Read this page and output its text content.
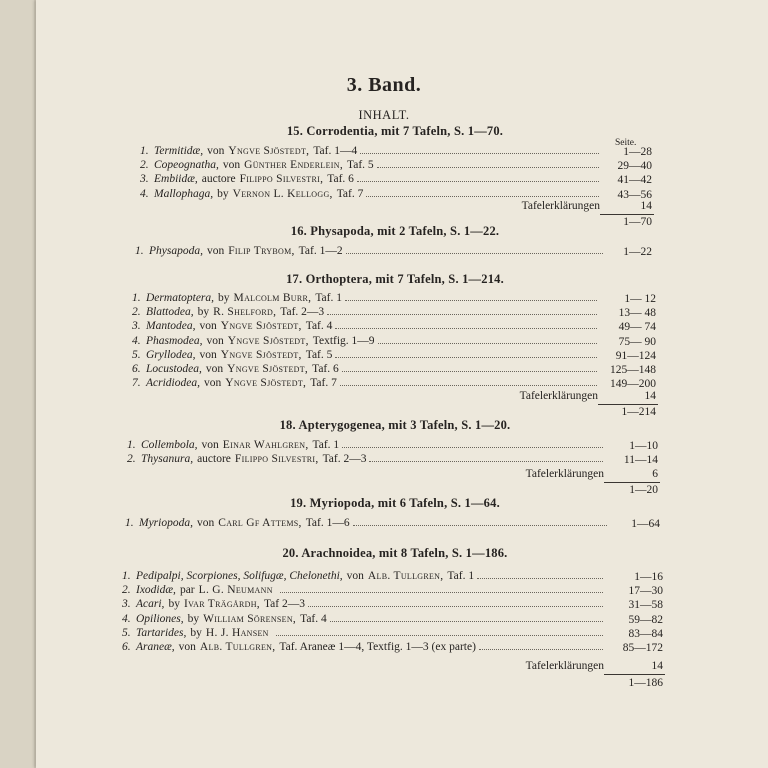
3. Band.
INHALT.
Seite.
15. Corrodentia, mit 7 Tafeln, S. 1—70.
1. Termitidæ, von Yngve Sjöstedt, Taf. 1—4	1—28
2. Copeognatha, von Günther Enderlein, Taf. 5	29—40
3. Embiidæ, auctore Filippo Silvestri, Taf. 6	41—42
4. Mallophaga, by Vernon L. Kellogg, Taf. 7	43—56
Tafelerklärungen	14
1—70
16. Physapoda, mit 2 Tafeln, S. 1—22.
1. Physapoda, von Filip Trybom, Taf. 1—2	1—22
17. Orthoptera, mit 7 Tafeln, S. 1—214.
1. Dermatoptera, by Malcolm Burr, Taf. 1	1— 12
2. Blattodea, by R. Shelford, Taf. 2—3	13— 48
3. Mantodea, von Yngve Sjöstedt, Taf. 4	49— 74
4. Phasmodea, von Yngve Sjöstedt, Textfig. 1—9	75— 90
5. Gryllodea, von Yngve Sjöstedt, Taf. 5	91—124
6. Locustodea, von Yngve Sjöstedt, Taf. 6	125—148
7. Acridiodea, von Yngve Sjöstedt, Taf. 7	149—200
Tafelerklärungen	14
1—214
18. Apterygogenea, mit 3 Tafeln, S. 1—20.
1. Collembola, von Einar Wahlgren, Taf. 1	1—10
2. Thysanura, auctore Filippo Silvestri, Taf. 2—3	11—14
Tafelerklärungen	6
1—20
19. Myriopoda, mit 6 Tafeln, S. 1—64.
1. Myriopoda, von Carl Gf Attems, Taf. 1—6	1—64
20. Arachnoidea, mit 8 Tafeln, S. 1—186.
1. Pedipalpi, Scorpiones, Solifugæ, Chelonethi, von Alb. Tullgren, Taf. 1	1—16
2. Ixodidæ, par L. G. Neumann	17—30
3. Acari, by Ivar Trägårdh, Taf 2—3	31—58
4. Opiliones, by William Sörensen, Taf. 4	59—82
5. Tartarides, by H. J. Hansen	83—84
6. Araneæ, von Alb. Tullgren, Taf. Araneæ 1—4, Textfig. 1—3 (ex parte)	85—172
Tafelerklärungen	14
1—186
